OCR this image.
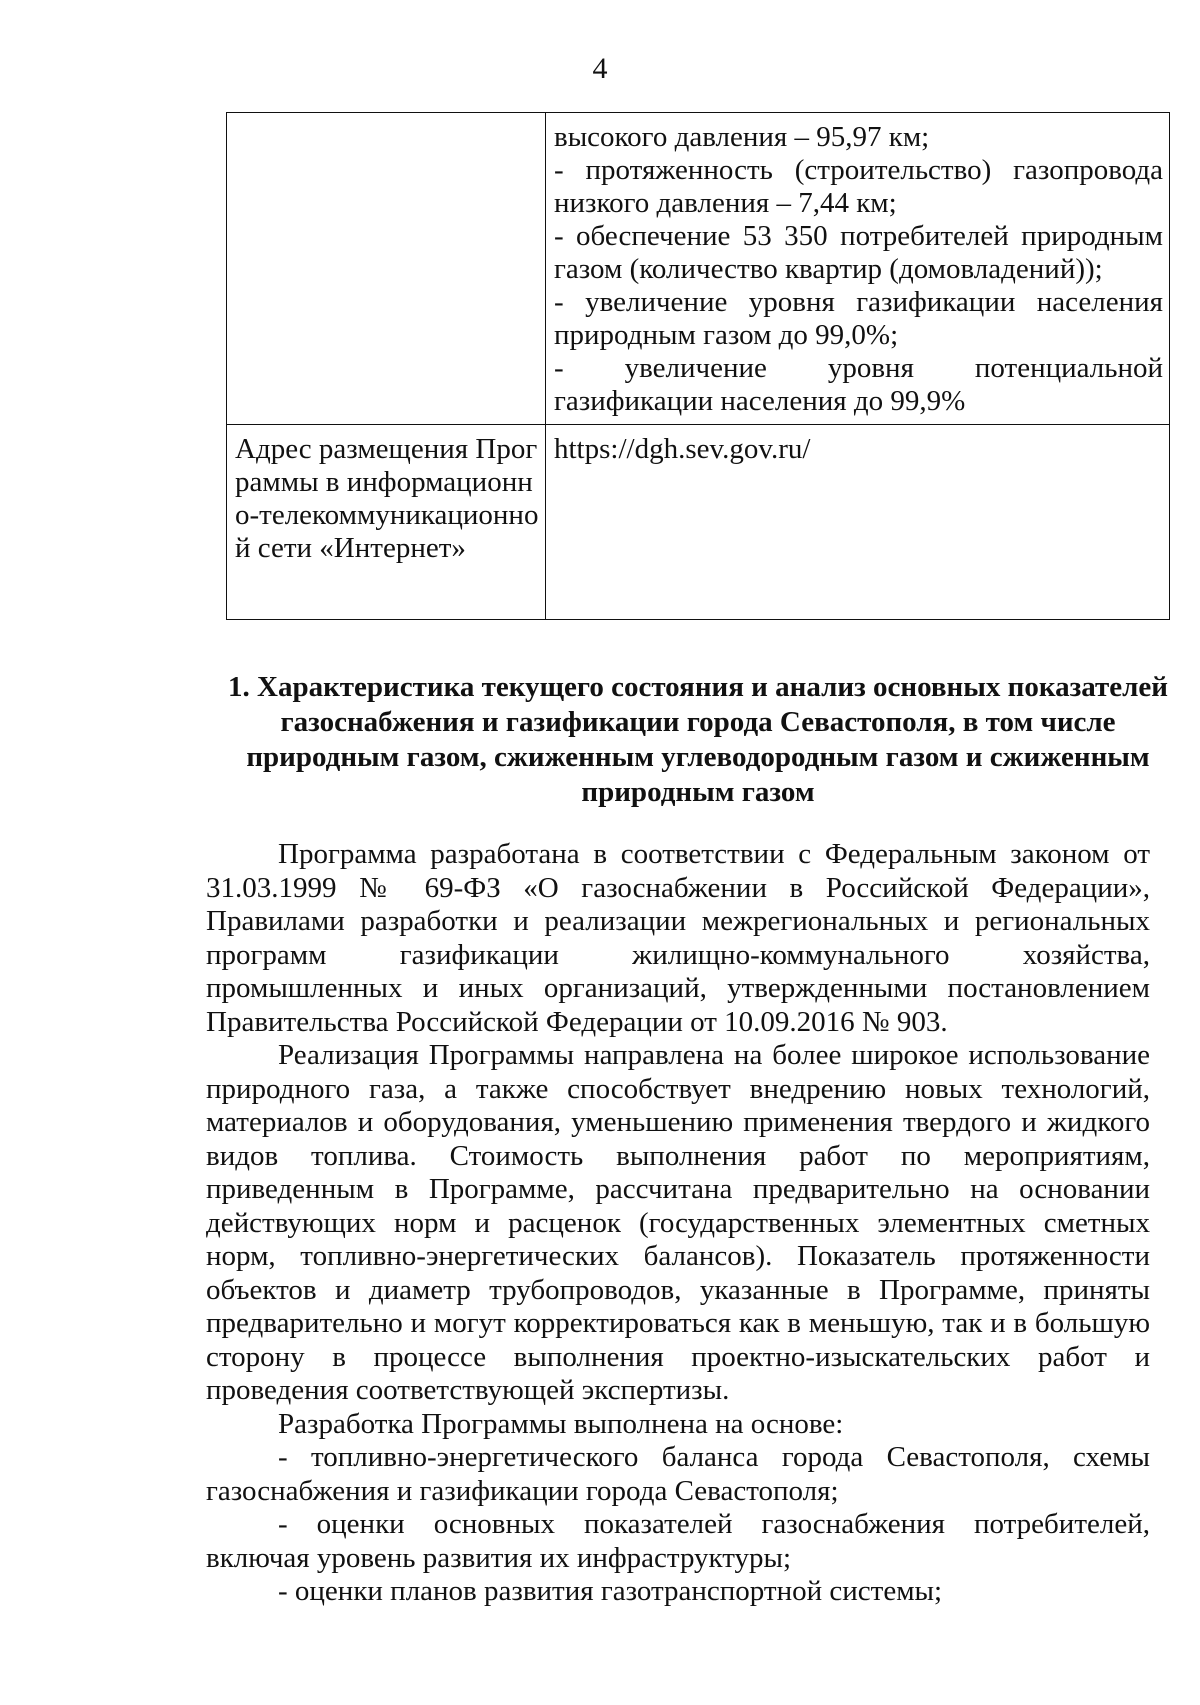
4

	высокого давления – 95,97 км;
- протяженность (строительство) газопровода низкого давления – 7,44 км;
- обеспечение 53 350 потребителей природным газом (количество квартир (домовладений));
- увеличение уровня газификации населения природным газом до 99,0%;
- увеличение уровня потенциальной газификации населения до 99,9%

Адрес размещения Программы в информационно-телекоммуникационной сети «Интернет»	https://dgh.sev.gov.ru/
1. Характеристика текущего состояния и анализ основных показателей газоснабжения и газификации города Севастополя, в том числе природным газом, сжиженным углеводородным газом и сжиженным природным газом

Программа разработана в соответствии с Федеральным законом от 31.03.1999 № 69-ФЗ «О газоснабжении в Российской Федерации», Правилами разработки и реализации межрегиональных и региональных программ газификации жилищно-коммунального хозяйства, промышленных и иных организаций, утвержденными постановлением Правительства Российской Федерации от 10.09.2016 № 903.

Реализация Программы направлена на более широкое использование природного газа, а также способствует внедрению новых технологий, материалов и оборудования, уменьшению применения твердого и жидкого видов топлива. Стоимость выполнения работ по мероприятиям, приведенным в Программе, рассчитана предварительно на основании действующих норм и расценок (государственных элементных сметных норм, топливно-энергетических балансов). Показатель протяженности объектов и диаметр трубопроводов, указанные в Программе, приняты предварительно и могут корректироваться как в меньшую, так и в большую сторону в процессе выполнения проектно-изыскательских работ и проведения соответствующей экспертизы.

Разработка Программы выполнена на основе:

- топливно-энергетического баланса города Севастополя, схемы газоснабжения и газификации города Севастополя;

- оценки основных показателей газоснабжения потребителей, включая уровень развития их инфраструктуры;

- оценки планов развития газотранспортной системы;
